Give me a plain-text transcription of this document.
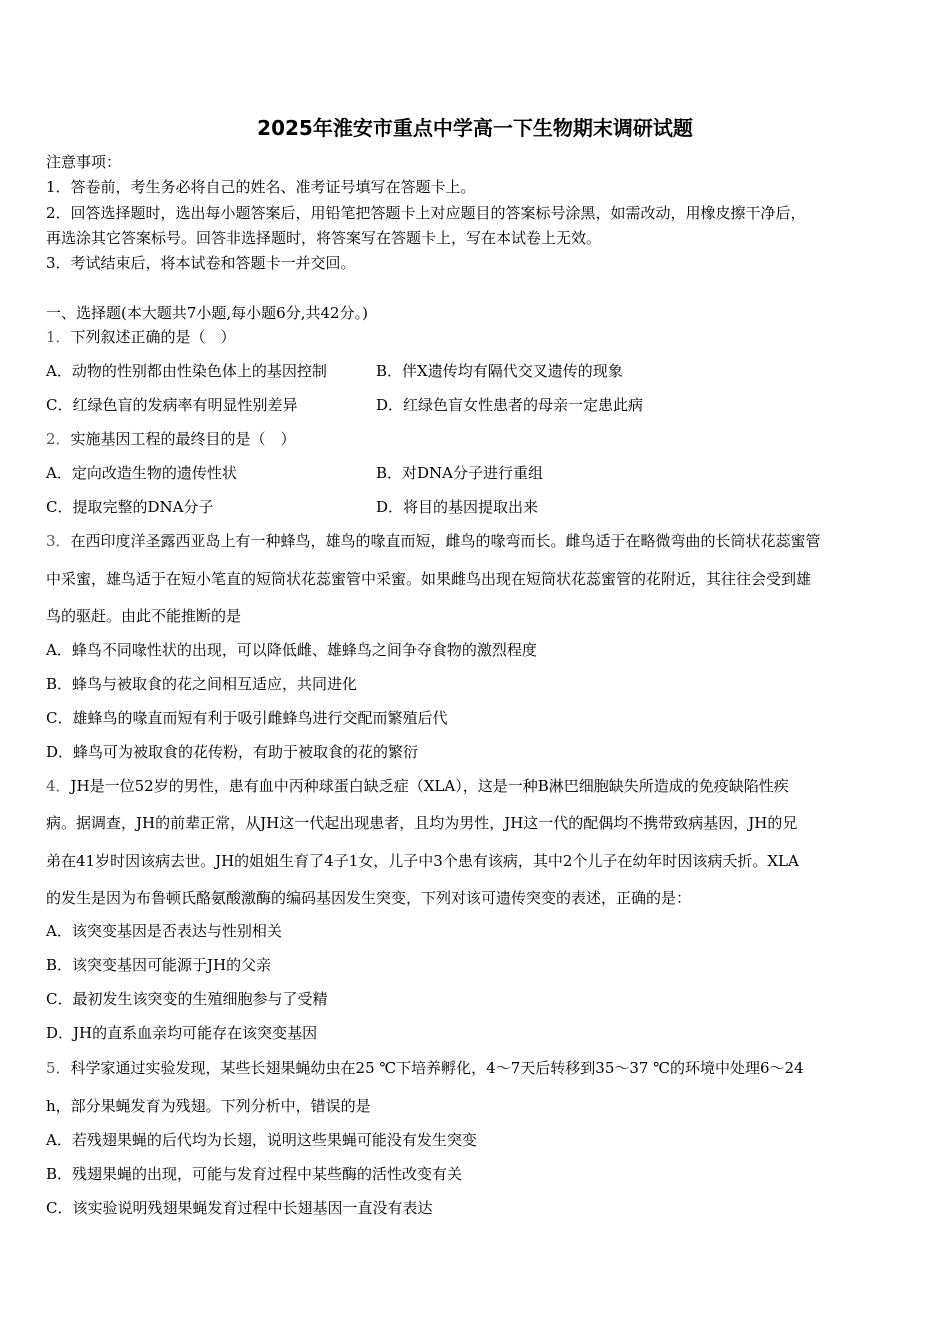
2025年淮安市重点中学高一下生物期末调研试题
注意事项：
1．答卷前，考生务必将自己的姓名、准考证号填写在答题卡上。
2．回答选择题时，选出每小题答案后，用铅笔把答题卡上对应题目的答案标号涂黑，如需改动，用橡皮擦干净后，
再选涂其它答案标号。回答非选择题时，将答案写在答题卡上，写在本试卷上无效。
3．考试结束后，将本试卷和答题卡一并交回。
一、选择题(本大题共7小题,每小题6分,共42分。)
1．下列叙述正确的是（　）
A．动物的性别都由性染色体上的基因控制	B．伴X遗传均有隔代交叉遗传的现象
C．红绿色盲的发病率有明显性别差异	D．红绿色盲女性患者的母亲一定患此病
2．实施基因工程的最终目的是（　）
A．定向改造生物的遗传性状	B．对DNA分子进行重组
C．提取完整的DNA分子	D．将目的基因提取出来
3．在西印度洋圣露西亚岛上有一种蜂鸟，雄鸟的喙直而短，雌鸟的喙弯而长。雌鸟适于在略微弯曲的长筒状花蕊蜜管
中采蜜，雄鸟适于在短小笔直的短筒状花蕊蜜管中采蜜。如果雌鸟出现在短筒状花蕊蜜管的花附近，其往往会受到雄
鸟的驱赶。由此不能推断的是
A．蜂鸟不同喙性状的出现，可以降低雌、雄蜂鸟之间争夺食物的激烈程度
B．蜂鸟与被取食的花之间相互适应，共同进化
C．雄蜂鸟的喙直而短有利于吸引雌蜂鸟进行交配而繁殖后代
D．蜂鸟可为被取食的花传粉，有助于被取食的花的繁衍
4．JH是一位52岁的男性，患有血中丙种球蛋白缺乏症（XLA），这是一种B淋巴细胞缺失所造成的免疫缺陷性疾
病。据调查，JH的前辈正常，从JH这一代起出现患者，且均为男性，JH这一代的配偶均不携带致病基因，JH的兄
弟在41岁时因该病去世。JH的姐姐生育了4子1女，儿子中3个患有该病，其中2个儿子在幼年时因该病夭折。XLA
的发生是因为布鲁顿氏酪氨酸激酶的编码基因发生突变，下列对该可遗传突变的表述，正确的是：
A．该突变基因是否表达与性别相关
B．该突变基因可能源于JH的父亲
C．最初发生该突变的生殖细胞参与了受精
D．JH的直系血亲均可能存在该突变基因
5．科学家通过实验发现，某些长翅果蝇幼虫在25 ℃下培养孵化，4～7天后转移到35～37 ℃的环境中处理6～24
h，部分果蝇发育为残翅。下列分析中，错误的是
A．若残翅果蝇的后代均为长翅，说明这些果蝇可能没有发生突变
B．残翅果蝇的出现，可能与发育过程中某些酶的活性改变有关
C．该实验说明残翅果蝇发育过程中长翅基因一直没有表达
